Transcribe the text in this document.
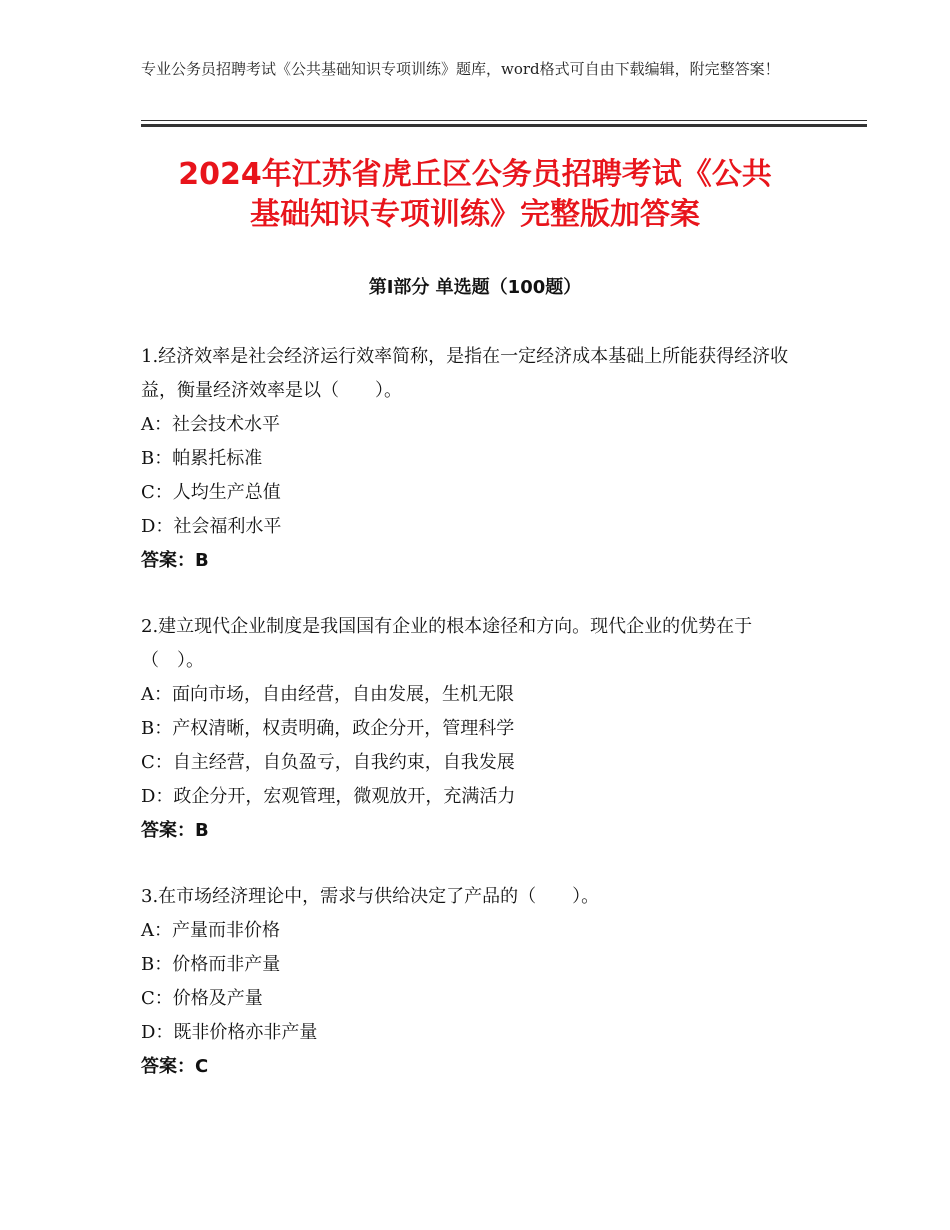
专业公务员招聘考试《公共基础知识专项训练》题库，word格式可自由下载编辑，附完整答案！
2024年江苏省虎丘区公务员招聘考试《公共
基础知识专项训练》完整版加答案
第Ⅰ部分 单选题（100题）
1.经济效率是社会经济运行效率简称，是指在一定经济成本基础上所能获得经济收益，衡量经济效率是以（　　）。
A：社会技术水平
B：帕累托标准
C：人均生产总值
D：社会福利水平
答案：B
2.建立现代企业制度是我国国有企业的根本途径和方向。现代企业的优势在于（　）。
A：面向市场，自由经营，自由发展，生机无限
B：产权清晰，权责明确，政企分开，管理科学
C：自主经营，自负盈亏，自我约束，自我发展
D：政企分开，宏观管理，微观放开，充满活力
答案：B
3.在市场经济理论中，需求与供给决定了产品的（　　）。
A：产量而非价格
B：价格而非产量
C：价格及产量
D：既非价格亦非产量
答案：C
